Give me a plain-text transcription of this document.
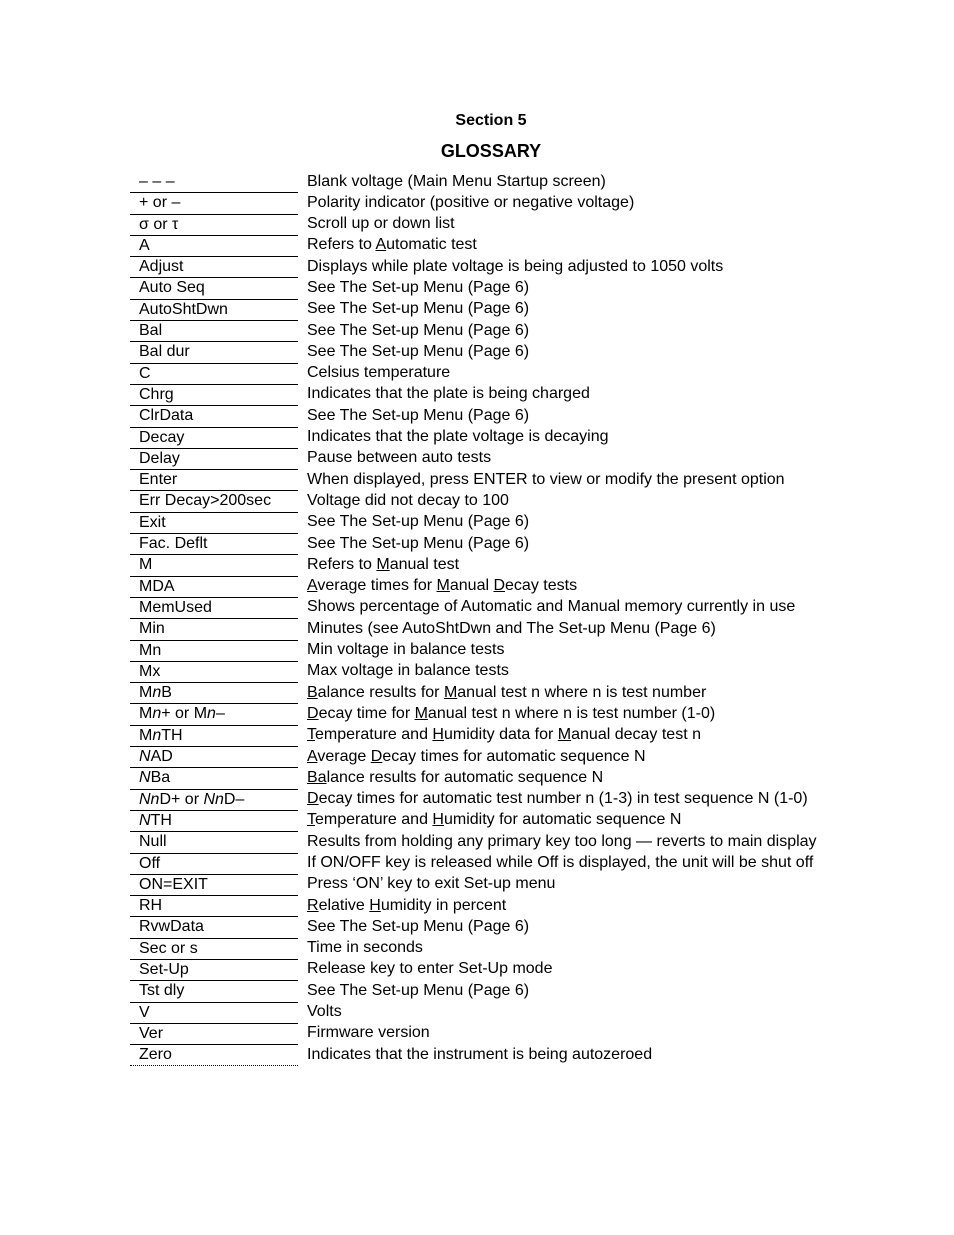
Section 5
GLOSSARY
– – –	Blank voltage (Main Menu Startup screen)
+ or –	Polarity indicator (positive or negative voltage)
σ or τ	Scroll up or down list
A	Refers to Automatic test
Adjust	Displays while plate voltage is being adjusted to 1050 volts
Auto Seq	See The Set-up Menu (Page 6)
AutoShtDwn	See The Set-up Menu (Page 6)
Bal	See The Set-up Menu (Page 6)
Bal dur	See The Set-up Menu (Page 6)
C	Celsius temperature
Chrg	Indicates that the plate is being charged
ClrData	See The Set-up Menu (Page 6)
Decay	Indicates that the plate voltage is decaying
Delay	Pause between auto tests
Enter	When displayed, press ENTER to view or modify the present option
Err Decay>200sec	Voltage did not decay to 100
Exit	See The Set-up Menu (Page 6)
Fac. Deflt	See The Set-up Menu (Page 6)
M	Refers to Manual test
MDA	Average times for Manual Decay tests
MemUsed	Shows percentage of Automatic and Manual memory currently in use
Min	Minutes (see AutoShtDwn and The Set-up Menu (Page 6)
Mn	Min voltage in balance tests
Mx	Max voltage in balance tests
MnB	Balance results for Manual test n where n is test number
Mn+ or Mn–	Decay time for Manual test n where n is test number (1-0)
MnTH	Temperature and Humidity data for Manual decay test n
NAD	Average Decay times for automatic sequence N
NBa	Balance results for automatic sequence N
NnD+ or NnD–	Decay times for automatic test number n (1-3) in test sequence N (1-0)
NTH	Temperature and Humidity for automatic sequence N
Null	Results from holding any primary key too long — reverts to main display
Off	If ON/OFF key is released while Off is displayed, the unit will be shut off
ON=EXIT	Press ‘ON’ key to exit Set-up menu
RH	Relative Humidity in percent
RvwData	See The Set-up Menu (Page 6)
Sec or s	Time in seconds
Set-Up	Release key to enter Set-Up mode
Tst dly	See The Set-up Menu (Page 6)
V	Volts
Ver	Firmware version
Zero	Indicates that the instrument is being autozeroed
